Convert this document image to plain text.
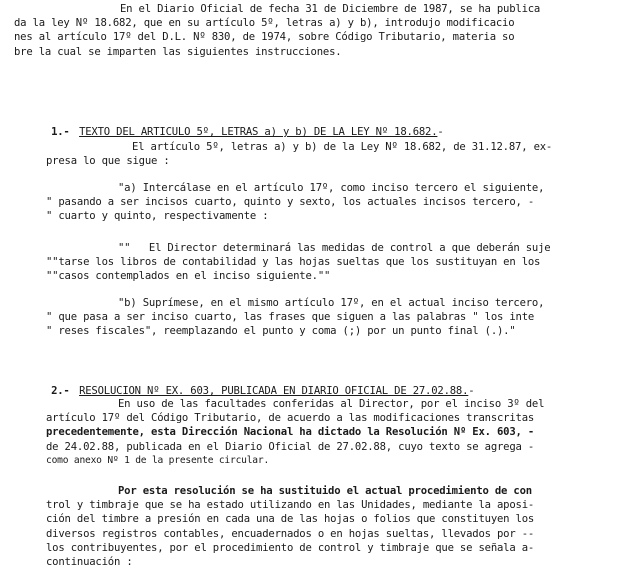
En el Diario Oficial de fecha 31 de Diciembre de 1987, se ha publica
da la ley Nº 18.682, que en su artículo 5º, letras a) y b), introdujo modificacio
nes al artículo 17º del D.L. Nº 830, de 1974, sobre Código Tributario, materia so
bre la cual se imparten las siguientes instrucciones.

1.- TEXTO DEL ARTICULO 5º, LETRAS a) y b) DE LA LEY Nº 18.682.-

El artículo 5º, letras a) y b) de la Ley Nº 18.682, de 31.12.87, ex-
presa lo que sigue :
"a) Intercálase en el artículo 17º, como inciso tercero el siguiente,
" pasando a ser incisos cuarto, quinto y sexto, los actuales incisos tercero, -
" cuarto y quinto, respectivamente :
""   El Director determinará las medidas de control a que deberán suje
""tarse los libros de contabilidad y las hojas sueltas que los sustituyan en los
""casos contemplados en el inciso siguiente.""
"b) Suprímese, en el mismo artículo 17º, en el actual inciso tercero,
" que pasa a ser inciso cuarto, las frases que siguen a las palabras " los inte
" reses fiscales", reemplazando el punto y coma (;) por un punto final (.)."

2.- RESOLUCION Nº EX. 603, PUBLICADA EN DIARIO OFICIAL DE 27.02.88.-

En uso de las facultades conferidas al Director, por el inciso 3º del
artículo 17º del Código Tributario, de acuerdo a las modificaciones transcritas
precedentemente, esta Dirección Nacional ha dictado la Resolución Nº Ex. 603, -
de 24.02.88, publicada en el Diario Oficial de 27.02.88, cuyo texto se agrega -
como anexo Nº 1 de la presente circular.
Por esta resolución se ha sustituido el actual procedimiento de con
trol y timbraje que se ha estado utilizando en las Unidades, mediante la aposi-
ción del timbre a presión en cada una de las hojas o folios que constituyen los
diversos registros contables, encuadernados o en hojas sueltas, llevados por --
los contribuyentes, por el procedimiento de control y timbraje que se señala a-
continuación :
